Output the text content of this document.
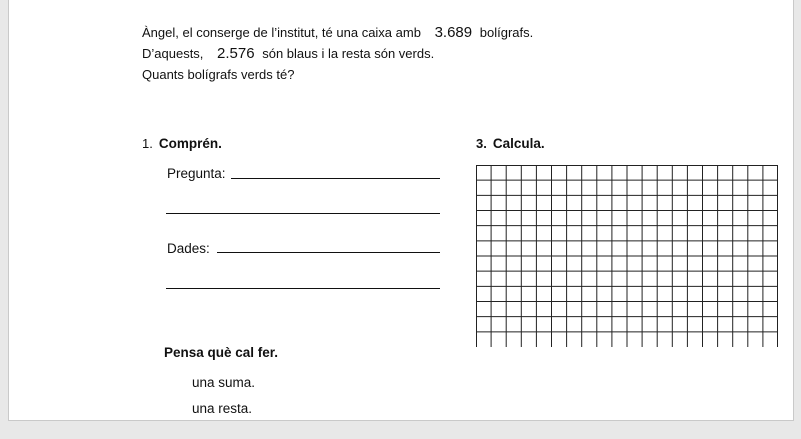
Àngel, el conserge de l’institut, té una caixa amb 3.689 bolígrafs.
D’aquests, 2.576 són blaus i la resta són verds.
Quants bolígrafs verds té?
1. Comprén.	3. Calcula.
Pregunta:
Dades:
Pensa què cal fer.
una suma.
una resta.
